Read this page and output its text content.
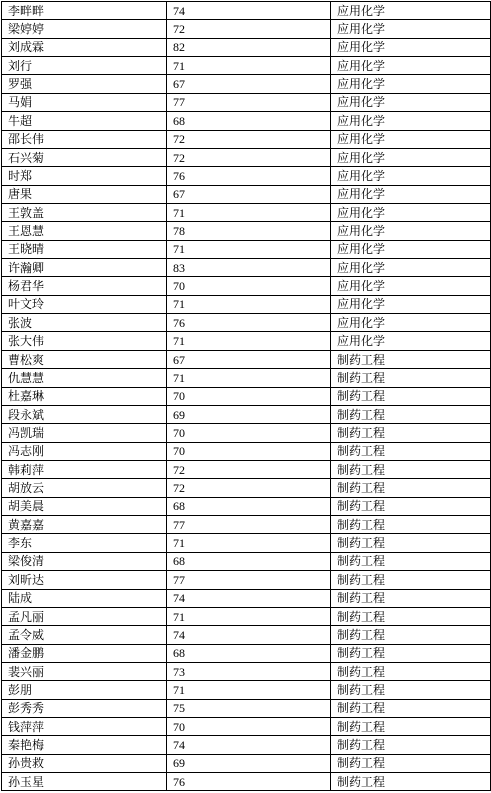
李畔畔	74	应用化学
梁婷婷	72	应用化学
刘成霖	82	应用化学
刘行	71	应用化学
罗强	67	应用化学
马娟	77	应用化学
牛超	68	应用化学
邵长伟	72	应用化学
石兴菊	72	应用化学
时郑	76	应用化学
唐果	67	应用化学
王敦盖	71	应用化学
王恩慧	78	应用化学
王晓晴	71	应用化学
许瀚卿	83	应用化学
杨君华	70	应用化学
叶文玲	71	应用化学
张波	76	应用化学
张大伟	71	应用化学
曹松爽	67	制药工程
仇慧慧	71	制药工程
杜嘉琳	70	制药工程
段永斌	69	制药工程
冯凯瑞	70	制药工程
冯志刚	70	制药工程
韩莉萍	72	制药工程
胡放云	72	制药工程
胡美晨	68	制药工程
黄嘉嘉	77	制药工程
李东	71	制药工程
梁俊清	68	制药工程
刘昕达	77	制药工程
陆成	74	制药工程
孟凡丽	71	制药工程
孟令威	74	制药工程
潘金鹏	68	制药工程
裴兴丽	73	制药工程
彭朋	71	制药工程
彭秀秀	75	制药工程
钱萍萍	70	制药工程
秦艳梅	74	制药工程
孙贵救	69	制药工程
孙玉星	76	制药工程
